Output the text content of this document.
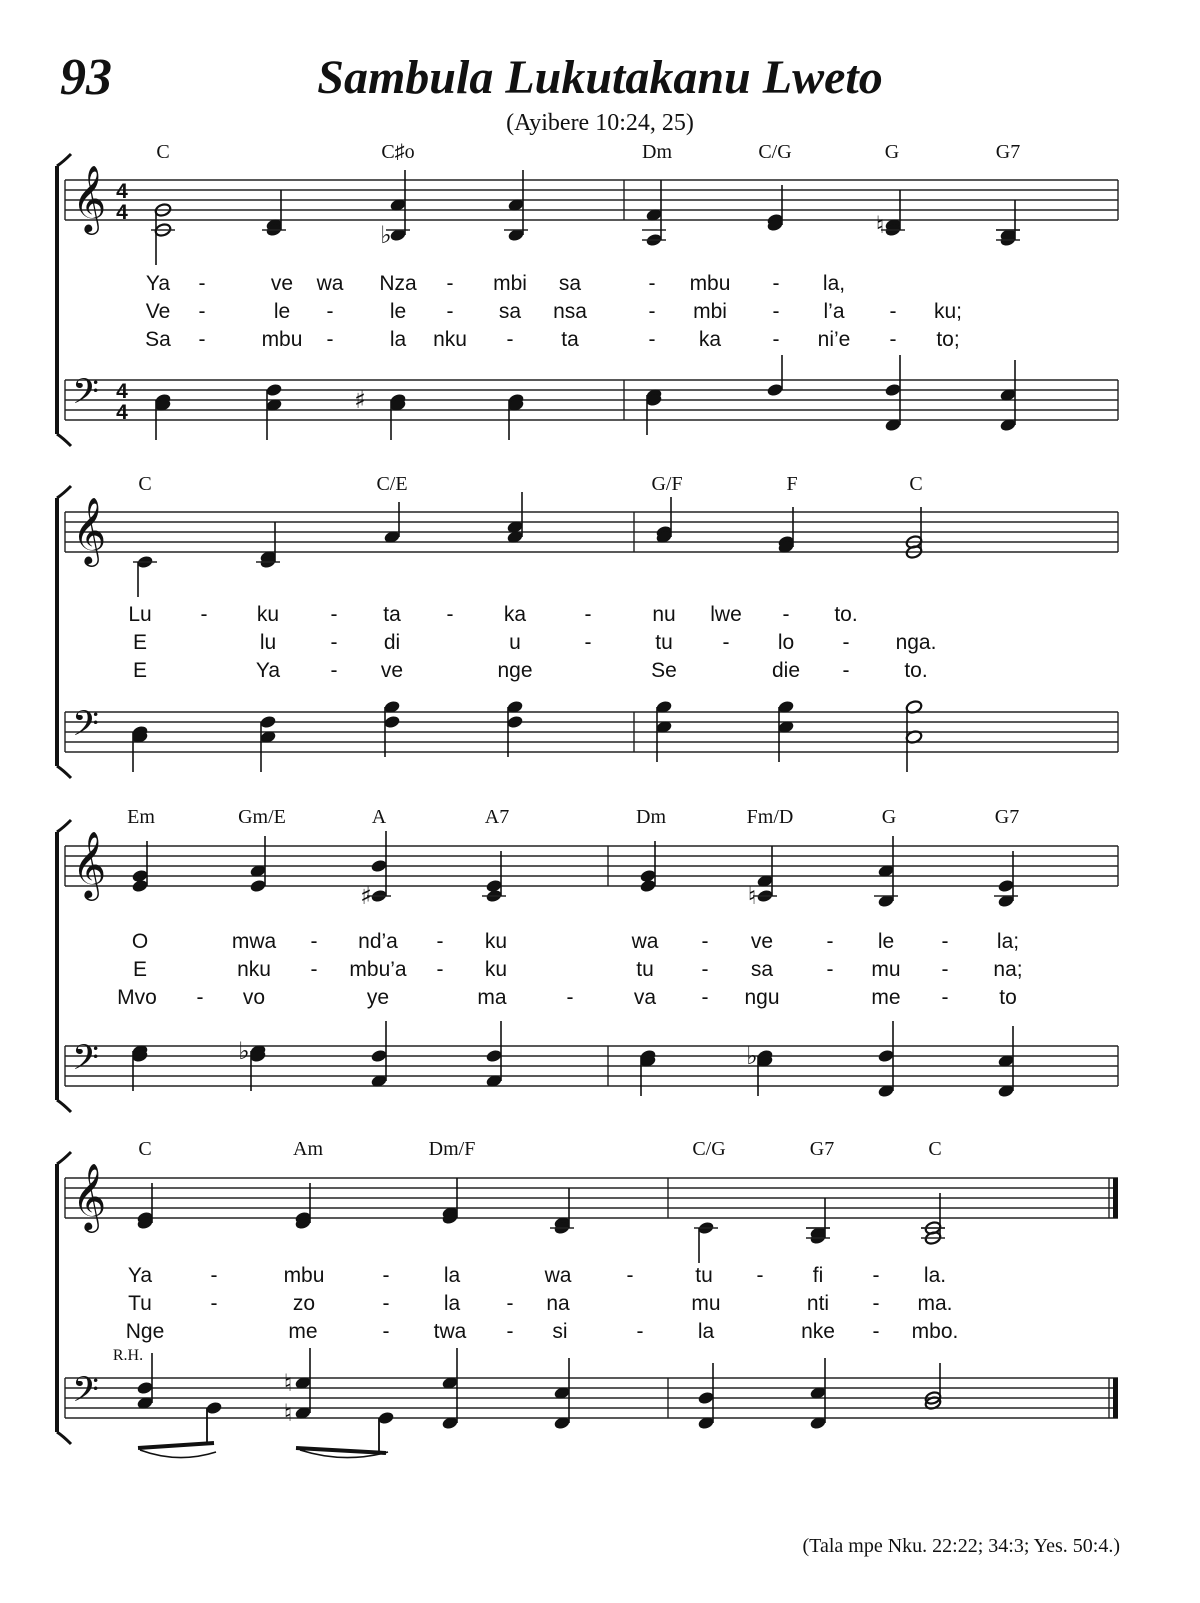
93	Sambula Lukutakanu Lweto
(Ayibere 10:24, 25)
𝄞
𝄢
4
4
4
4
C	C♯o	Dm	C/G	G	G7
Ya -	ve wa Nza - mbi sa	- mbu - la,
Ve -	le -	le - sa nsa	- mbi - l’a - ku;
Sa -	mbu -	la nku - ta	- ka - ni’e - to;
𝄞
𝄢
C	C/E	G/F	F	C
Lu - ku - ta - ka	-	nu lwe - to.
E	lu	- di	u	-	tu - lo - nga.
E	Ya - ve	nge	Se	die -	to.
𝄞
𝄢
Em	Gm/E	A	A7	Dm	Fm/D	G	G7
O	mwa - nd’a - ku	wa - ve	- le - la;
E	nku - mbu’a - ku	tu - sa	- mu - na;
Mvo - vo	ye	ma	-	va - ngu	me - to
𝄞
𝄢
C	Am	Dm/F	C/G	G7	C
Ya	-	mbu	-	la	wa	-	tu - fi - la.
Tu	-	zo	-	la - na	mu	nti - ma.
Nge	me	- twa - si	-	la	nke - mbo.
R.H.
♭	♮
♯
♯	♮
♭	♭
♮
♮
(Tala mpe Nku. 22:22; 34:3; Yes. 50:4.)
